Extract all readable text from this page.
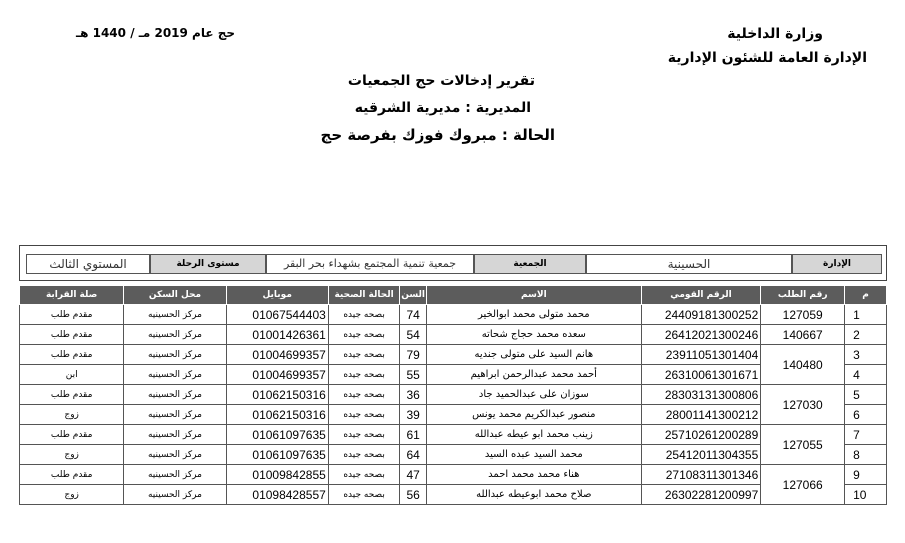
وزارة الداخلية
الإدارة العامة للشئون الإدارية
حج عام 2019 مـ / 1440 هـ
تقرير إدخالات حج الجمعيات
المديرية : مديرية الشرقيه
الحالة : مبروك فوزك بفرصة حج
الإدارة
الحسينية
الجمعية
جمعية تنمية المجتمع بشهداء بحر البقر
مستوى الرحلة
المستوي الثالث
م	رقم الطلب	الرقم القومي	الاسم	السن	الحالة الصحية	موبايل	محل السكن	صلة القرابة
1	127059	24409181300252	محمد متولى محمد ابوالخير	74	بصحه جيده	01067544403	مركز الحسينيه	مقدم طلب
2	140667	26412021300246	سعده محمد حجاج شحاته	54	بصحه جيده	01001426361	مركز الحسينيه	مقدم طلب
3	140480	23911051301404	هانم السيد على متولى جنديه	79	بصحه جيده	01004699357	مركز الحسينيه	مقدم طلب
4		26310061301671	أحمد محمد عبدالرحمن ابراهيم	55	بصحه جيده	01004699357	مركز الحسينيه	ابن
5	127030	28303131300806	سوزان على عبدالحميد جاد	36	بصحه جيده	01062150316	مركز الحسينيه	مقدم طلب
6		28001141300212	منصور عبدالكريم محمد يونس	39	بصحه جيده	01062150316	مركز الحسينيه	زوج
7	127055	25710261200289	زينب محمد ابو عيطه عبدالله	61	بصحه جيده	01061097635	مركز الحسينيه	مقدم طلب
8		25412011304355	محمد السيد عبده السيد	64	بصحه جيده	01061097635	مركز الحسينيه	زوج
9	127066	27108311301346	هناء محمد محمد احمد	47	بصحه جيده	01009842855	مركز الحسينيه	مقدم طلب
10		26302281200997	صلاح محمد ابوعيطه عبدالله	56	بصحه جيده	01098428557	مركز الحسينيه	زوج
